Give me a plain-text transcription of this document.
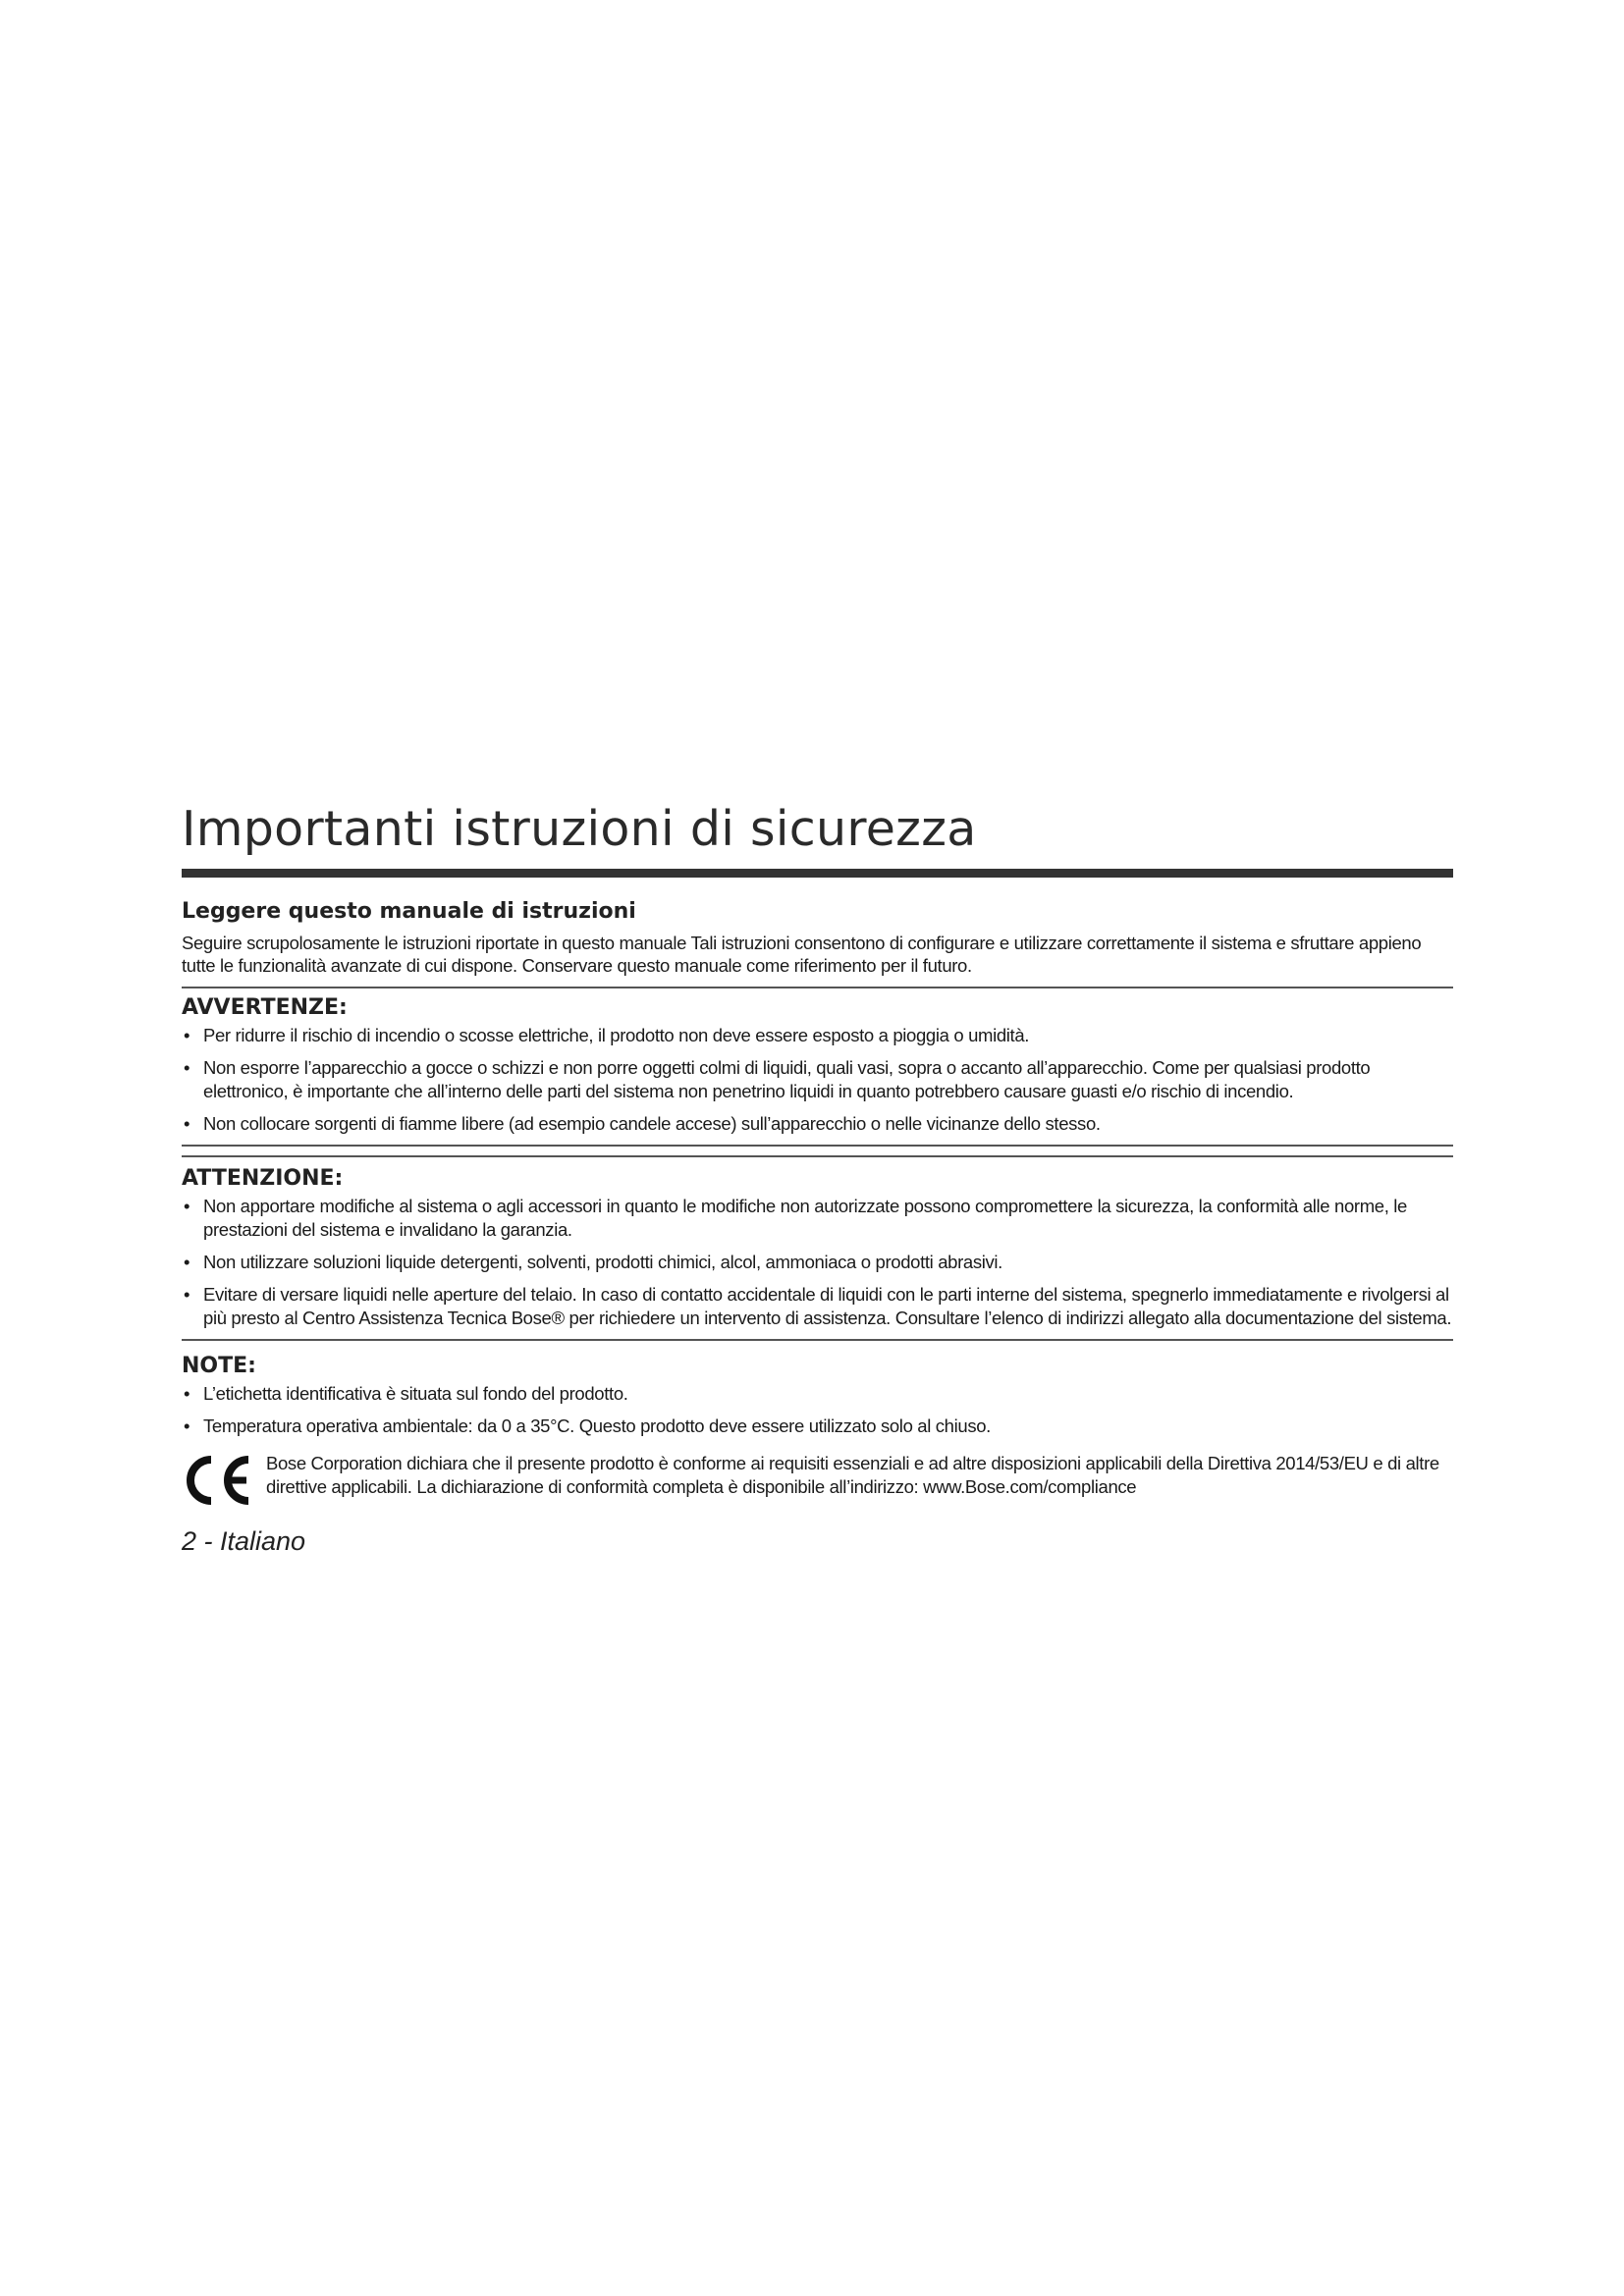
Importanti istruzioni di sicurezza
Leggere questo manuale di istruzioni

Seguire scrupolosamente le istruzioni riportate in questo manuale Tali istruzioni consentono di configurare e utilizzare correttamente il sistema e sfruttare appieno tutte le funzionalità avanzate di cui dispone. Conservare questo manuale come riferimento per il futuro.

AVVERTENZE:
• Per ridurre il rischio di incendio o scosse elettriche, il prodotto non deve essere esposto a pioggia o umidità.
• Non esporre l’apparecchio a gocce o schizzi e non porre oggetti colmi di liquidi, quali vasi, sopra o accanto all’apparecchio. Come per qualsiasi prodotto elettronico, è importante che all’interno delle parti del sistema non penetrino liquidi in quanto potrebbero causare guasti e/o rischio di incendio.
• Non collocare sorgenti di fiamme libere (ad esempio candele accese) sull’apparecchio o nelle vicinanze dello stesso.
ATTENZIONE:
• Non apportare modifiche al sistema o agli accessori in quanto le modifiche non autorizzate possono compromettere la sicurezza, la conformità alle norme, le prestazioni del sistema e invalidano la garanzia.
• Non utilizzare soluzioni liquide detergenti, solventi, prodotti chimici, alcol, ammoniaca o prodotti abrasivi.
• Evitare di versare liquidi nelle aperture del telaio. In caso di contatto accidentale di liquidi con le parti interne del sistema, spegnerlo immediatamente e rivolgersi al più presto al Centro Assistenza Tecnica Bose® per richiedere un intervento di assistenza. Consultare l’elenco di indirizzi allegato alla documentazione del sistema.
NOTE:
• L’etichetta identificativa è situata sul fondo del prodotto.
• Temperatura operativa ambientale: da 0 a 35°C. Questo prodotto deve essere utilizzato solo al chiuso.
Bose Corporation dichiara che il presente prodotto è conforme ai requisiti essenziali e ad altre disposizioni applicabili della Direttiva 2014/53/EU e di altre direttive applicabili. La dichiarazione di conformità completa è disponibile all’indirizzo: www.Bose.com/compliance
2 - Italiano
